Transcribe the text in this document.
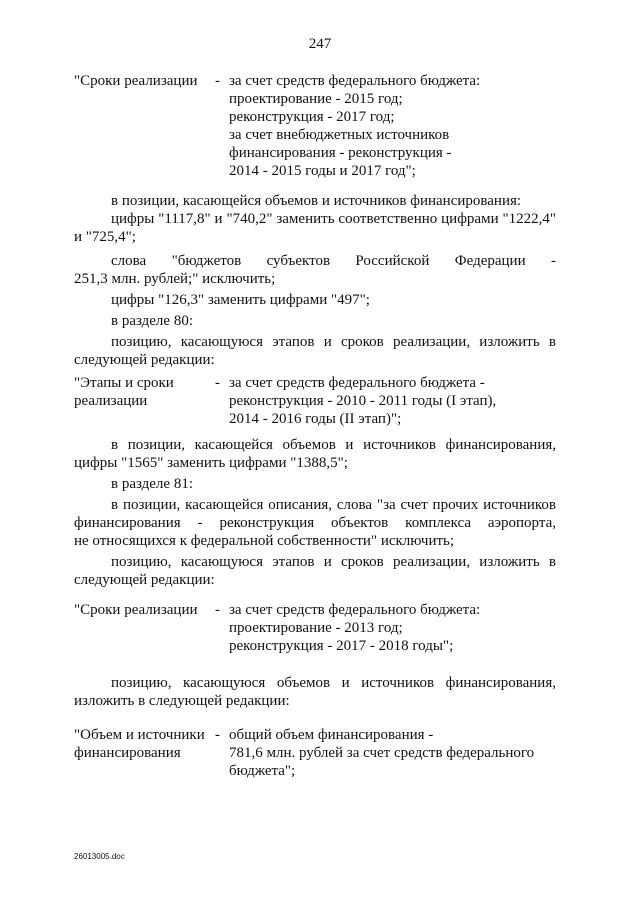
247
"Сроки реализации	- за счет средств федерального бюджета:
проектирование - 2015 год;
реконструкция - 2017 год;
за счет внебюджетных источников
финансирования - реконструкция -
2014 - 2015 годы и 2017 год";
в позиции, касающейся объемов и источников финансирования:
цифры "1117,8" и "740,2" заменить соответственно цифрами "1222,4"
и "725,4";
слова "бюджетов субъектов Российской Федерации -
251,3 млн. рублей;" исключить;
цифры "126,3" заменить цифрами "497";
в разделе 80:
позицию, касающуюся этапов и сроков реализации, изложить в
следующей редакции:
"Этапы и сроки
реализации
- за счет средств федерального бюджета -
реконструкция - 2010 - 2011 годы (I этап),
2014 - 2016 годы (II этап)";
в позиции, касающейся объемов и источников финансирования,
цифры "1565" заменить цифрами "1388,5";
в разделе 81:
в позиции, касающейся описания, слова "за счет прочих источников
финансирования - реконструкция объектов комплекса аэропорта,
не относящихся к федеральной собственности" исключить;
позицию, касающуюся этапов и сроков реализации, изложить в
следующей редакции:
"Сроки реализации	- за счет средств федерального бюджета:
проектирование - 2013 год;
реконструкция - 2017 - 2018 годы";
позицию, касающуюся объемов и источников финансирования,
изложить в следующей редакции:
"Объем и источники
финансирования
- общий объем финансирования -
781,6 млн. рублей за счет средств федерального
бюджета";
26013005.doc
